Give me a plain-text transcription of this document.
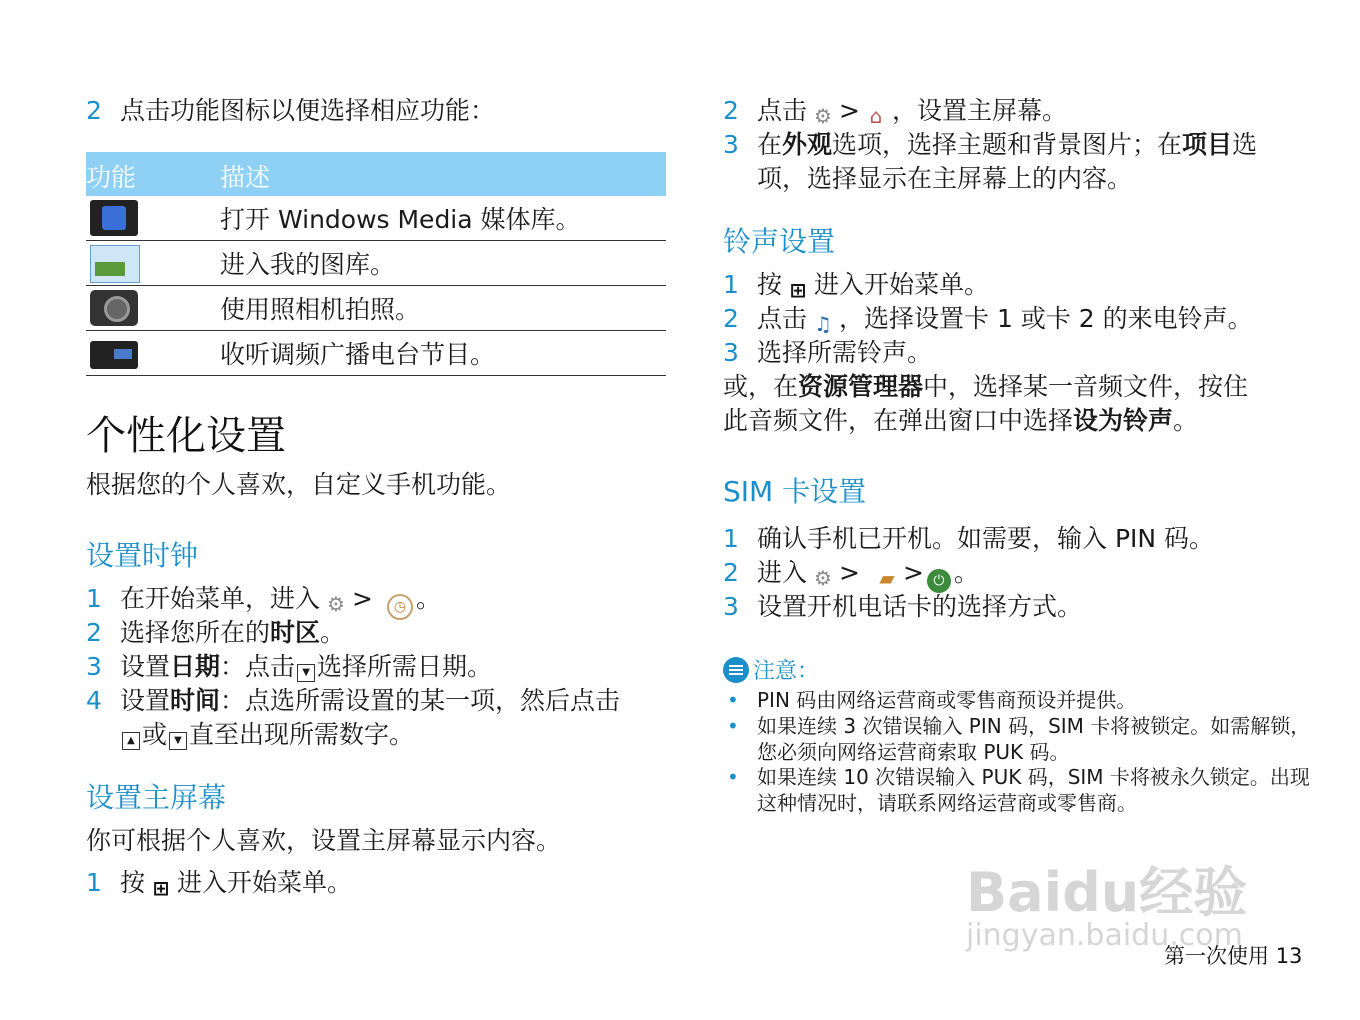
2 点击功能图标以便选择相应功能：
功能	描述
打开 Windows Media 媒体库。
进入我的图库。
使用照相机拍照。
收听调频广播电台节目。
个性化设置
根据您的个人喜欢，自定义手机功能。
设置时钟
1 在开始菜单，进入 ⚙ > ◷ 。
2 选择您所在的时区。
3 设置日期：点击 ▼ 选择所需日期。
4 设置时间：点选所需设置的某一项，然后点击
▲ 或 ▼ 直至出现所需数字。
设置主屏幕
你可根据个人喜欢，设置主屏幕显示内容。
1 按 ⊞ 进入开始菜单。
2 点击 ⚙ > ⌂ ，设置主屏幕。
3 在外观选项，选择主题和背景图片；在项目选
项，选择显示在主屏幕上的内容。
铃声设置
1 按 ⊞ 进入开始菜单。
2 点击 ♫ ，选择设置卡 1 或卡 2 的来电铃声。
3 选择所需铃声。
或，在资源管理器中，选择某一音频文件，按住
此音频文件，在弹出窗口中选择设为铃声。
SIM 卡设置
1 确认手机已开机。如需要，输入 PIN 码。
2 进入 ⚙ > ▰ > ⏻ 。
3 设置开机电话卡的选择方式。
注意：
• PIN 码由网络运营商或零售商预设并提供。
• 如果连续 3 次错误输入 PIN 码，SIM 卡将被锁定。如需解锁，您必须向网络运营商索取 PUK 码。
• 如果连续 10 次错误输入 PUK 码，SIM 卡将被永久锁定。出现这种情况时，请联系网络运营商或零售商。
Baidu经验
jingyan.baidu.com
第一次使用 13
